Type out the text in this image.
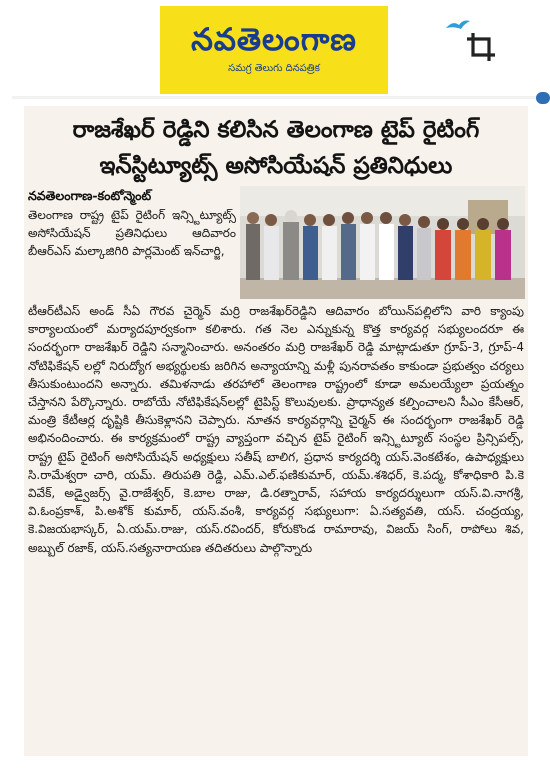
నవతెలంగాణ
సమగ్ర తెలుగు దినపత్రిక
రాజశేఖర్ రెడ్డిని కలిసిన తెలంగాణ టైప్ రైటింగ్ ఇన్‌స్టిట్యూట్స్ అసోసియేషన్ ప్రతినిధులు
నవతెలంగాణ-కంటోన్మెంట్
తెలంగాణ రాష్ట్ర టైప్ రైటింగ్ ఇన్స్టిట్యూట్స్ అసోసియేషన్ ప్రతినిధులు ఆదివారం బీఆర్ఎస్ మల్కాజిగిరి పార్లమెంట్ ఇన్‌చార్జి,
టీఆర్‌టీఎస్ అండ్ సీఏ గౌరవ చైర్మెన్ మర్రి రాజశేఖర్‌రెడ్డిని ఆదివారం బోయిన్‌పల్లిలోని వారి క్యాంపు కార్యాలయంలో మర్యాదపూర్వకంగా కలిశారు. గత నెల ఎన్నుకున్న కొత్త కార్యవర్గ సభ్యులందరూ ఈ సందర్భంగా రాజశేఖర్ రెడ్డిని సన్మానించారు. అనంతరం మర్రి రాజశేఖర్ రెడ్డి మాట్లాడుతూ గ్రూప్-3, గ్రూప్-4 నోటిఫికేషన్ లల్లో నిరుద్యోగ అభ్యర్థులకు జరిగిన అన్యాయాన్ని మళ్లీ పునరావతం కాకుండా ప్రభుత్వం చర్యలు తీసుకుంటుందని అన్నారు. తమిళనాడు తరహాలో తెలంగాణ రాష్ట్రంలో కూడా అమలయ్యేలా ప్రయత్నం చేస్తానని పేర్కొన్నారు. రాబోయే నోటిఫికేషన్‌లల్లో టైపిస్ట్ కొలువులకు. ప్రాధాన్యత కల్పించాలని సీఎం కేసీఆర్, మంత్రి కేటీఆర్ల దృష్టికి తీసుకెళ్లానని చెప్పారు. నూతన కార్యవర్గాన్ని చైర్మన్ ఈ సందర్భంగా రాజశేఖర్ రెడ్డి అభినందించారు. ఈ కార్యక్రమంలో రాష్ట్ర వ్యాప్తంగా వచ్చిన టైప్ రైటింగ్ ఇన్స్టిట్యూట్ సంస్థల ప్రిన్సిపల్స్, రాష్ట్ర టైప్ రైటింగ్ అసోసియేషన్ అధ్యక్షులు సతీష్ బాలిగ, ప్రధాన కార్యదర్శి యస్.వెంకటేశం, ఉపాధ్యక్షులు సి.రామేశ్వరా చారి, యమ్. తిరుపతి రెడ్డి, ఎమ్.ఎల్.ఫణికుమార్, యమ్.శశిధర్, కె.పద్మ, కోశాధికారి పి.కె వివేక్, అడ్వైజర్స్ వై.రాజేశ్వర్, కె.బాల రాజు, డి.రత్నారావ్, సహాయ కార్యదర్శులుగా యస్.వి.నాగశ్రీ, వి.ఓంప్రకాశ్, పి.అశోక్ కుమార్, యస్.వంశీ, కార్యవర్గ సభ్యులుగా: ఏ.సత్యవతి, యస్. చంద్రయ్య, కె.విజయభాస్కర్, ఏ.యమ్.రాజు, యస్.రవిందర్, కోరుకొండ రామారావు, విజయ్ సింగ్, రాపోలు శివ, అబ్బుల్ రజాక్, యస్.సత్యనారాయణ తదితరులు పాల్గొన్నారు
